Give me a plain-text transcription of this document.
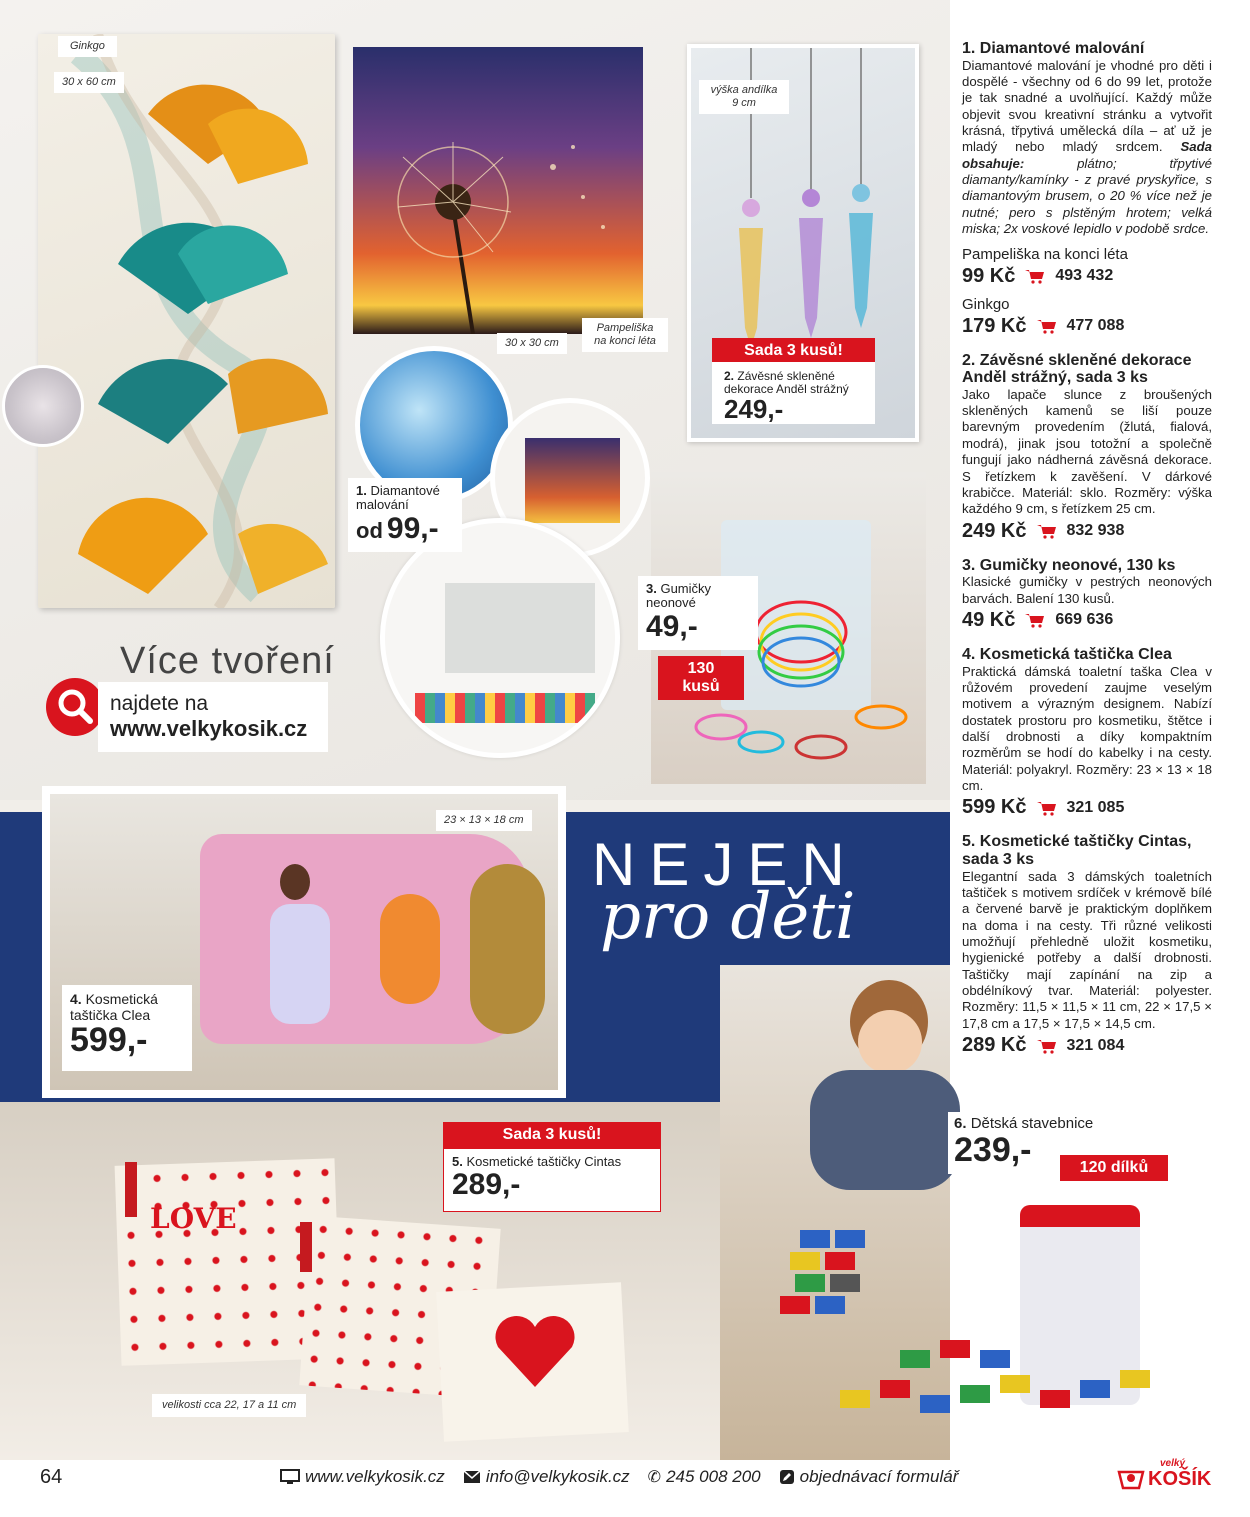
Ginkgo
30 x 60 cm
30 x 30 cm
Pampeliška na konci léta
výška andílka 9 cm
Sada 3 kusů!
2. Závěsné skleněné dekorace Anděl strážný
249,-
1. Diamantové malování
od 99,-
3. Gumičky neonové
49,-
130 kusů
Více tvoření
najdete na
www.velkykosik.cz
23 × 13 × 18 cm
4. Kosmetická taštička Clea
599,-
NEJEN
pro děti
LOVE
Sada 3 kusů!
5. Kosmetické taštičky Cintas
289,-
velikosti cca 22, 17 a 11 cm
6. Dětská stavebnice
239,-	120 dílků
1. Diamantové malování

Diamantové malování je vhodné pro děti i dospělé - všechny od 6 do 99 let, protože je tak snadné a uvolňující. Každý může objevit svou kreativní stránku a vytvořit krásná, třpytivá umělecká díla – ať už je mladý nebo mladý srdcem. Sada obsahuje:	plátno; třpytivé diamanty/kamínky - z pravé pryskyřice, s diamantovým brusem, o 20 % více než je nutné; pero s plstěným hrotem; velká miska; 2x voskové lepidlo v podobě srdce.

Pampeliška na konci léta
99 Kč	493 432
Ginkgo
179 Kč	477 088
2. Závěsné skleněné dekorace Anděl strážný, sada 3 ks

Jako lapače slunce z broušených skleněných kamenů se liší pouze barevným provedením (žlutá, fialová, modrá), jinak jsou totožní a společně fungují jako nádherná závěsná dekorace. S řetízkem k zavěšení. V dárkové krabičce. Materiál: sklo. Rozměry: výška každého 9 cm, s řetízkem 25 cm.

249 Kč	832 938
3. Gumičky neonové, 130 ks

Klasické gumičky v pestrých neonových barvách. Balení 130 kusů.

49 Kč	669 636
4. Kosmetická taštička Clea

Praktická dámská toaletní taška Clea v růžovém provedení zaujme veselým motivem a výrazným designem. Nabízí dostatek prostoru pro kosmetiku, štětce i další drobnosti a díky kompaktním rozměrům se hodí do kabelky i na cesty. Materiál: polyakryl. Rozměry: 23 × 13 × 18 cm.

599 Kč	321 085
5. Kosmetické taštičky Cintas, sada 3 ks

Elegantní sada 3 dámských toaletních taštiček s motivem srdíček v krémově bílé a červené barvě je praktickým doplňkem na doma i na cesty. Tři různé velikosti umožňují přehledně uložit kosmetiku, hygienické potřeby a další drobnosti. Taštičky mají zapínání na zip a obdélníkový tvar. Materiál: polyester. Rozměry: 11,5 × 11,5 × 11 cm, 22 × 17,5 × 17,8 cm a 17,5 × 17,5 × 14,5 cm.

289 Kč	321 084
64	www.velkykosik.cz info@velkykosik.cz ✆ 245 008 200 objednávací formulář
velký
KOŠÍK
